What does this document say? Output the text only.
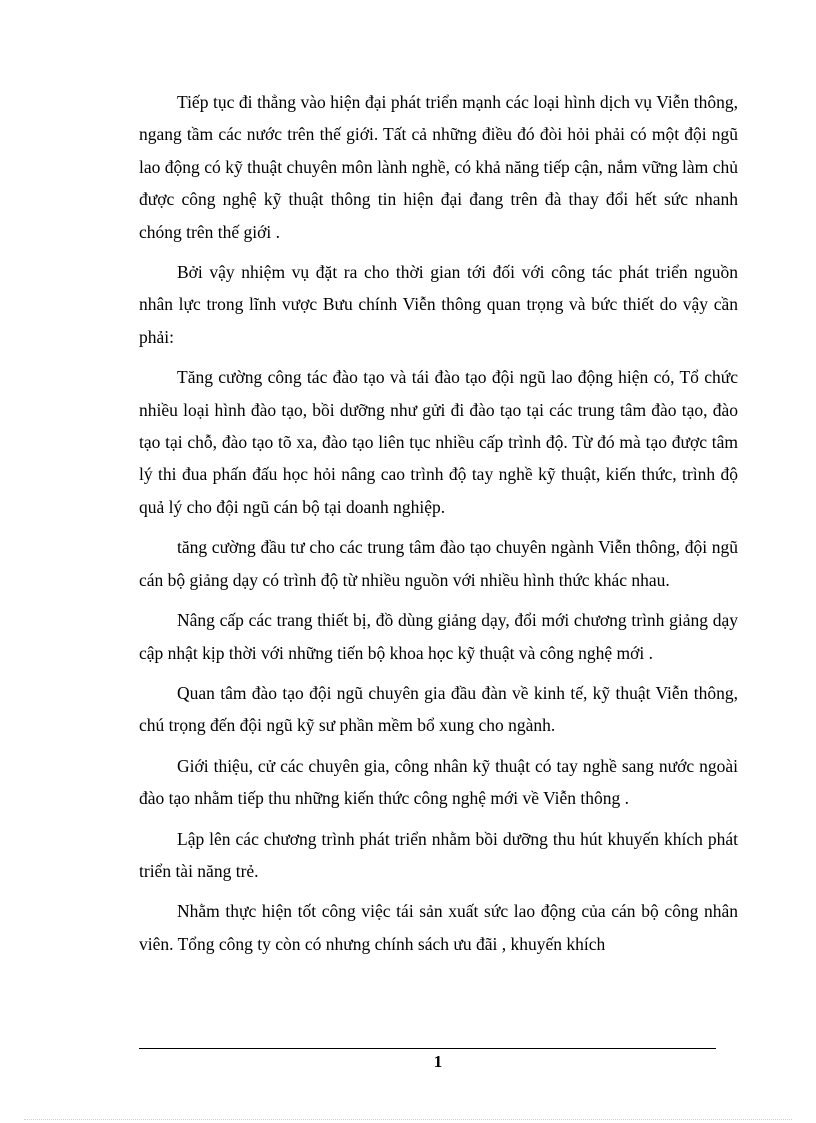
Tiếp tục đi thẳng vào hiện đại phát triển mạnh các loại hình dịch vụ Viễn thông, ngang tầm các nước trên thế giới. Tất cả những điều đó đòi hỏi phải có một đội ngũ lao động có kỹ thuật chuyên môn lành nghề, có khả năng tiếp cận, nắm vững làm chủ được công nghệ kỹ thuật thông tin hiện đại đang trên đà thay đổi hết sức nhanh chóng trên thế giới .

Bởi vậy nhiệm vụ đặt ra cho thời gian tới đối với công tác phát triển nguồn nhân lực trong lĩnh vược Bưu chính Viễn thông quan trọng và bức thiết do vậy cần phải:

Tăng cường công tác đào tạo và tái đào tạo đội ngũ lao động hiện có, Tổ chức nhiều loại hình đào tạo, bồi dưỡng như gửi đi đào tạo tại các trung tâm đào tạo, đào tạo tại chỗ, đào tạo tõ xa, đào tạo liên tục nhiều cấp trình độ. Từ đó mà tạo được tâm lý thi đua phấn đấu học hỏi nâng cao trình độ tay nghề kỹ thuật, kiến thức, trình độ quả lý cho đội ngũ cán bộ tại doanh nghiệp.

tăng cường đầu tư cho các trung tâm đào tạo chuyên ngành Viễn thông, đội ngũ cán bộ giảng dạy có trình độ từ nhiều nguồn với nhiều hình thức khác nhau.

Nâng cấp các trang thiết bị, đồ dùng giảng dạy, đổi mới chương trình giảng dạy cập nhật kịp thời với những tiến bộ khoa học kỹ thuật và công nghệ mới .

Quan tâm đào tạo đội ngũ chuyên gia đầu đàn về kinh tế, kỹ thuật Viễn thông, chú trọng đến đội ngũ kỹ sư phần mềm bổ xung cho ngành.

Giới thiệu, cử các chuyên gia, công nhân kỹ thuật có tay nghề sang nước ngoài đào tạo nhằm tiếp thu những kiến thức công nghệ mới về Viễn thông .

Lập lên các chương trình phát triển nhằm bồi dưỡng thu hút khuyến khích phát triển tài năng trẻ.

Nhằm thực hiện tốt công việc tái sản xuất sức lao động của cán bộ công nhân viên. Tổng công ty còn có nhưng chính sách ưu đãi , khuyến khích

1
